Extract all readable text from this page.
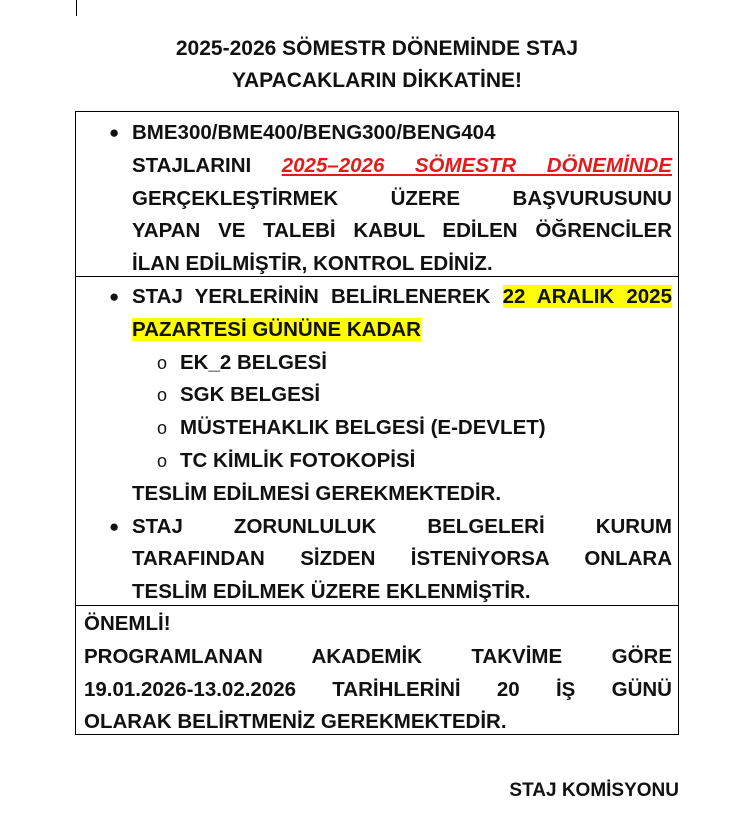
2025-2026 SÖMESTR DÖNEMİNDE STAJ
YAPACAKLARIN DİKKATİNE!
● BME300/BME400/BENG300/BENG404
STAJLARINI 2025–2026 SÖMESTR DÖNEMİNDE
GERÇEKLEŞTİRMEK ÜZERE BAŞVURUSUNU
YAPAN VE TALEBİ KABUL EDİLEN ÖĞRENCİLER
İLAN EDİLMİŞTİR, KONTROL EDİNİZ.
● STAJ YERLERİNİN BELİRLENEREK 22 ARALIK 2025
PAZARTESİ GÜNÜNE KADAR
o EK_2 BELGESİ
o SGK BELGESİ
o MÜSTEHAKLIK BELGESİ (E-DEVLET)
o TC KİMLİK FOTOKOPİSİ
TESLİM EDİLMESİ GEREKMEKTEDİR.
● STAJ ZORUNLULUK BELGELERİ KURUM
TARAFINDAN SİZDEN İSTENİYORSA ONLARA
TESLİM EDİLMEK ÜZERE EKLENMİŞTİR.
ÖNEMLİ!
PROGRAMLANAN AKADEMİK TAKVİME GÖRE
19.01.2026-13.02.2026 TARİHLERİNİ 20 İŞ GÜNÜ
OLARAK BELİRTMENİZ GEREKMEKTEDİR.
STAJ KOMİSYONU
